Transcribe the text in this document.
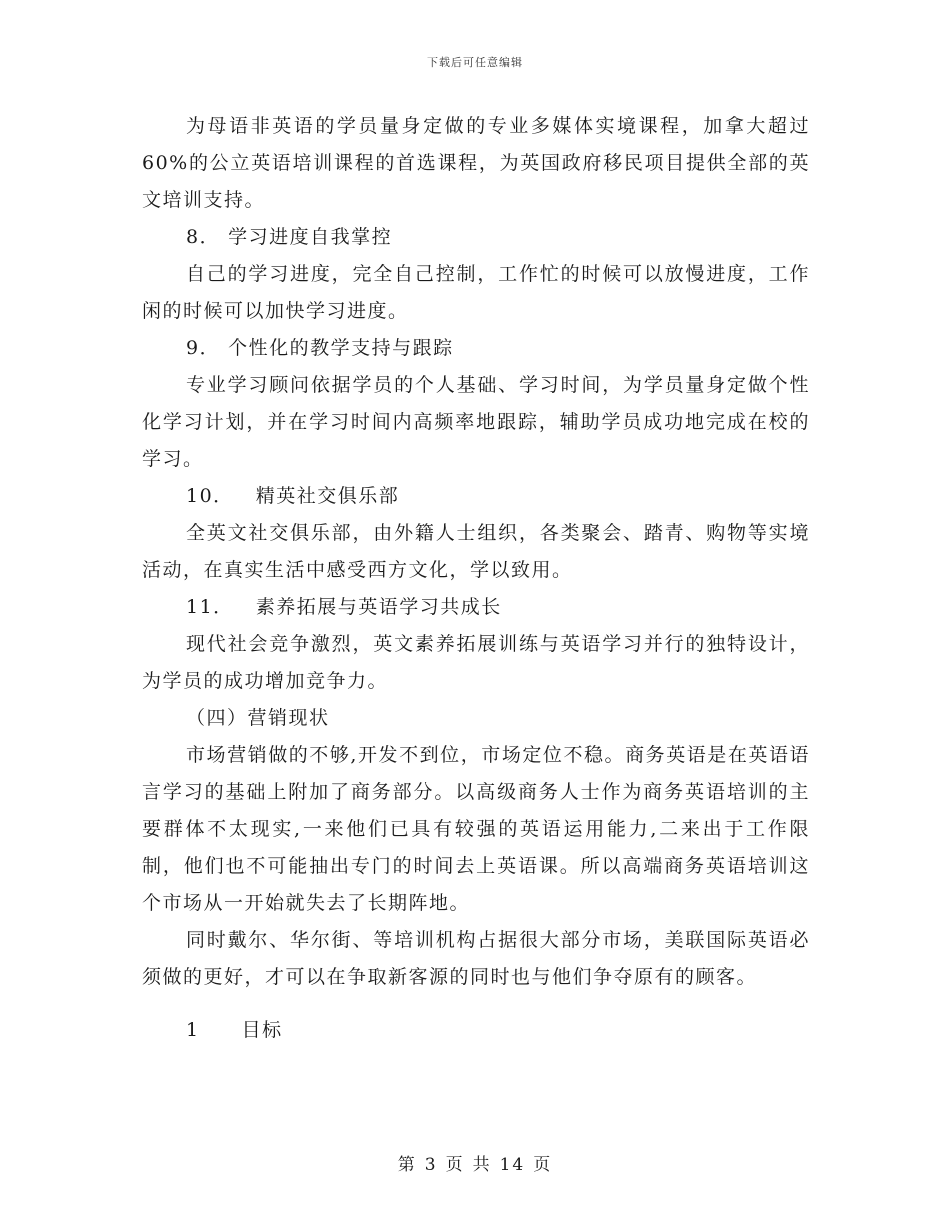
下载后可任意编辑

为母语非英语的学员量身定做的专业多媒体实境课程，加拿大超过60%的公立英语培训课程的首选课程，为英国政府移民项目提供全部的英文培训支持。

8． 学习进度自我掌控

自己的学习进度，完全自己控制，工作忙的时候可以放慢进度，工作闲的时候可以加快学习进度。

9． 个性化的教学支持与跟踪

专业学习顾问依据学员的个人基础、学习时间，为学员量身定做个性化学习计划，并在学习时间内高频率地跟踪，辅助学员成功地完成在校的学习。

10． 精英社交俱乐部

全英文社交俱乐部，由外籍人士组织，各类聚会、踏青、购物等实境活动，在真实生活中感受西方文化，学以致用。

11． 素养拓展与英语学习共成长

现代社会竞争激烈，英文素养拓展训练与英语学习并行的独特设计，为学员的成功增加竞争力。

（四）营销现状

市场营销做的不够,开发不到位，市场定位不稳。商务英语是在英语语言学习的基础上附加了商务部分。以高级商务人士作为商务英语培训的主要群体不太现实,一来他们已具有较强的英语运用能力,二来出于工作限制，他们也不可能抽出专门的时间去上英语课。所以高端商务英语培训这个市场从一开始就失去了长期阵地。

同时戴尔、华尔街、等培训机构占据很大部分市场，美联国际英语必须做的更好，才可以在争取新客源的同时也与他们争夺原有的顾客。

1 目标

第 3 页 共 14 页
